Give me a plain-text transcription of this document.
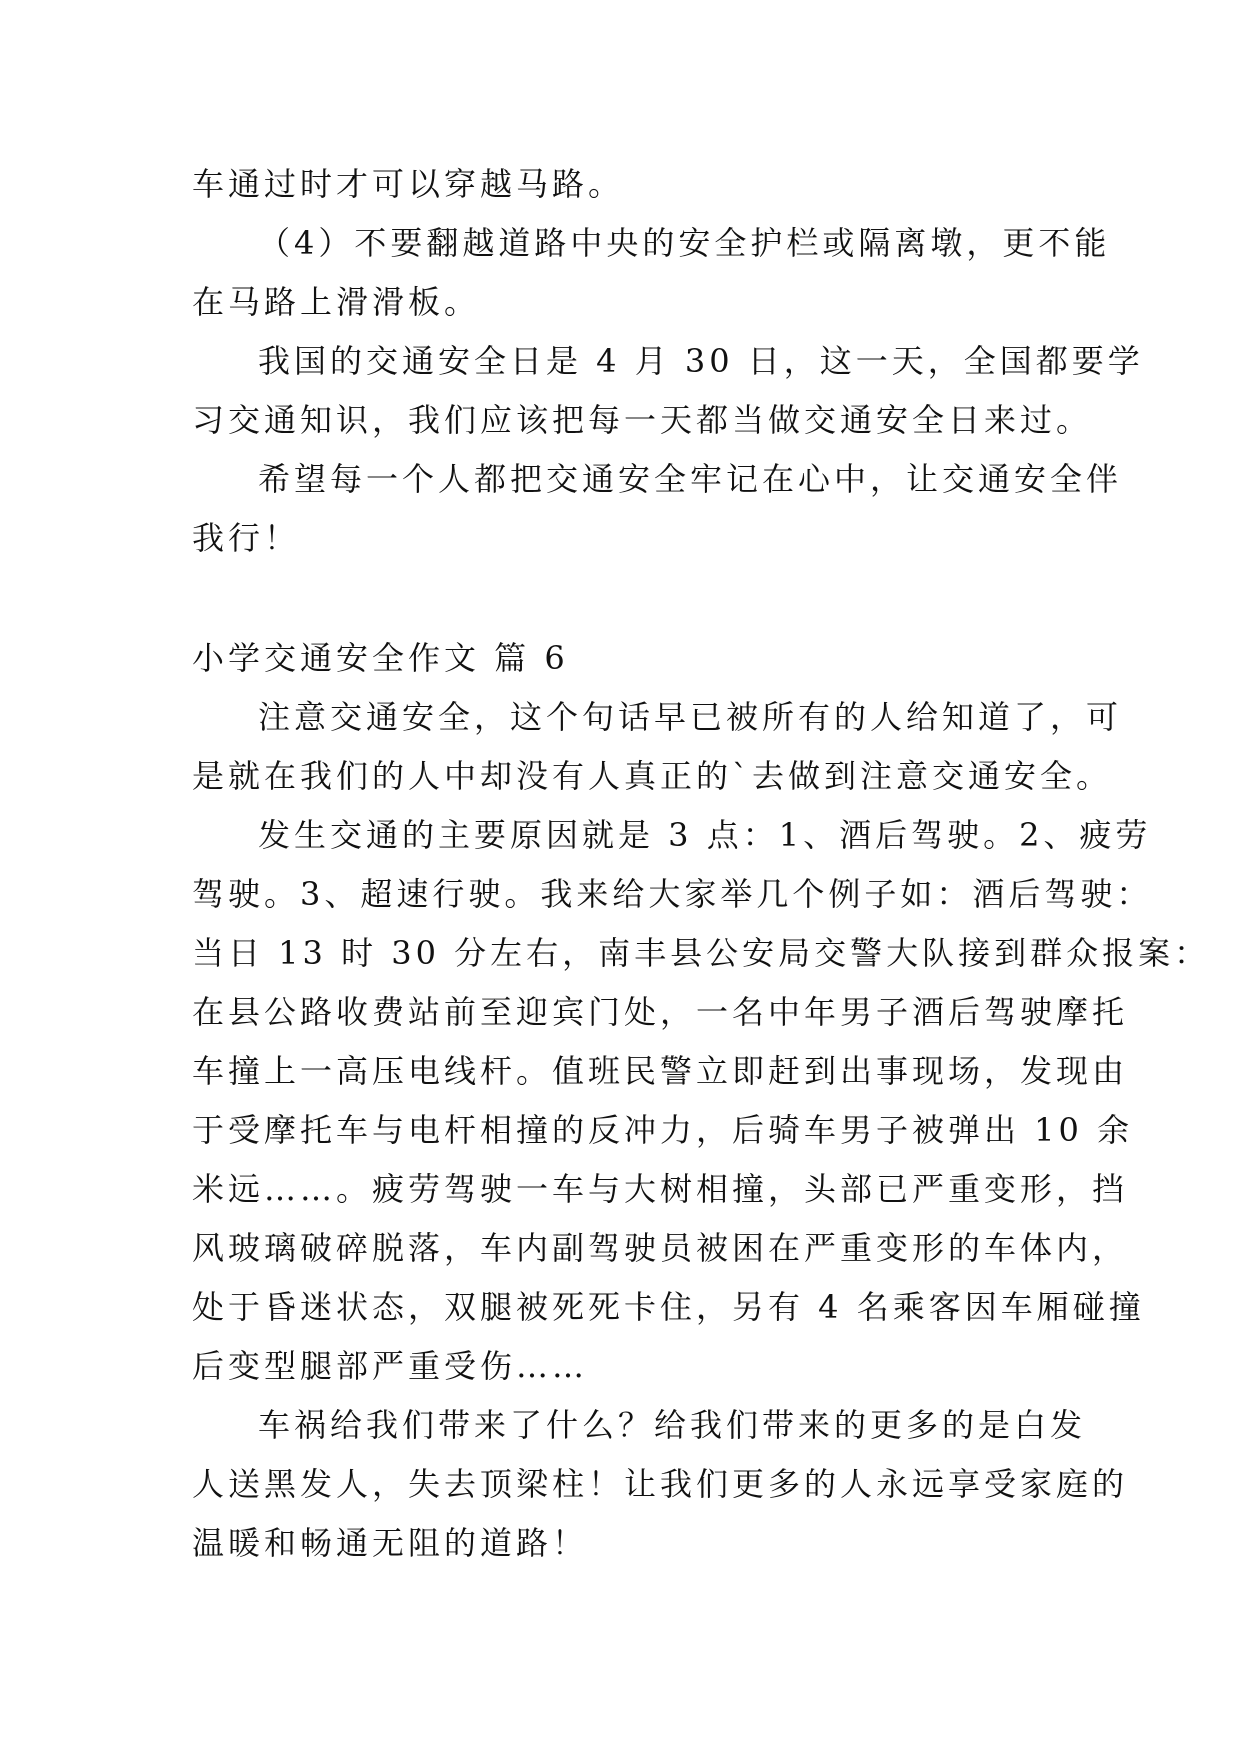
车通过时才可以穿越马路。
（4）不要翻越道路中央的安全护栏或隔离墩，更不能
在马路上滑滑板。
我国的交通安全日是 4 月 30 日，这一天，全国都要学
习交通知识，我们应该把每一天都当做交通安全日来过。
希望每一个人都把交通安全牢记在心中，让交通安全伴
我行！
小学交通安全作文 篇 6
注意交通安全，这个句话早已被所有的人给知道了，可
是就在我们的人中却没有人真正的`去做到注意交通安全。
发生交通的主要原因就是 3 点：1、酒后驾驶。2、疲劳
驾驶。3、超速行驶。我来给大家举几个例子如：酒后驾驶：
当日 13 时 30 分左右，南丰县公安局交警大队接到群众报案：
在县公路收费站前至迎宾门处，一名中年男子酒后驾驶摩托
车撞上一高压电线杆。值班民警立即赶到出事现场，发现由
于受摩托车与电杆相撞的反冲力，后骑车男子被弹出 10 余
米远……。疲劳驾驶一车与大树相撞，头部已严重变形，挡
风玻璃破碎脱落，车内副驾驶员被困在严重变形的车体内，
处于昏迷状态，双腿被死死卡住，另有 4 名乘客因车厢碰撞
后变型腿部严重受伤……
车祸给我们带来了什么？给我们带来的更多的是白发
人送黑发人，失去顶梁柱！让我们更多的人永远享受家庭的
温暖和畅通无阻的道路！
